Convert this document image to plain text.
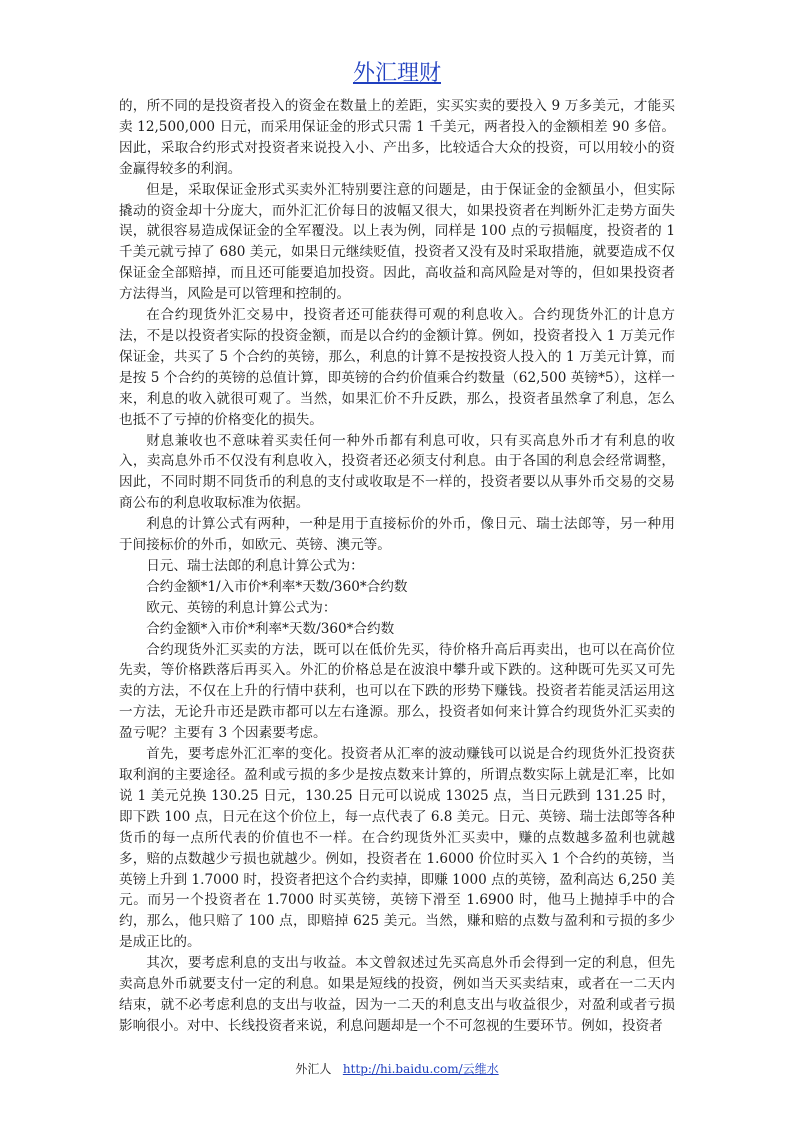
外汇理财

的，所不同的是投资者投入的资金在数量上的差距，实买实卖的要投入 9 万多美元，才能买卖 12,500,000 日元，而采用保证金的形式只需 1 千美元，两者投入的金额相差 90 多倍。因此，采取合约形式对投资者来说投入小、产出多，比较适合大众的投资，可以用较小的资金赢得较多的利润。

但是，采取保证金形式买卖外汇特别要注意的问题是，由于保证金的金额虽小，但实际撬动的资金却十分庞大，而外汇汇价每日的波幅又很大，如果投资者在判断外汇走势方面失误，就很容易造成保证金的全军覆没。以上表为例，同样是 100 点的亏损幅度，投资者的 1 千美元就亏掉了 680 美元，如果日元继续贬值，投资者又没有及时采取措施，就要造成不仅保证金全部赔掉，而且还可能要追加投资。因此，高收益和高风险是对等的，但如果投资者方法得当，风险是可以管理和控制的。

在合约现货外汇交易中，投资者还可能获得可观的利息收入。合约现货外汇的计息方法，不是以投资者实际的投资金额，而是以合约的金额计算。例如，投资者投入 1 万美元作保证金，共买了 5 个合约的英镑，那么，利息的计算不是按投资人投入的 1 万美元计算，而是按 5 个合约的英镑的总值计算，即英镑的合约价值乘合约数量（62,500 英镑*5），这样一来，利息的收入就很可观了。当然，如果汇价不升反跌，那么，投资者虽然拿了利息，怎么也抵不了亏掉的价格变化的损失。

财息兼收也不意味着买卖任何一种外币都有利息可收，只有买高息外币才有利息的收入，卖高息外币不仅没有利息收入，投资者还必须支付利息。由于各国的利息会经常调整，因此，不同时期不同货币的利息的支付或收取是不一样的，投资者要以从事外币交易的交易商公布的利息收取标准为依据。

利息的计算公式有两种，一种是用于直接标价的外币，像日元、瑞士法郎等，另一种用于间接标价的外币，如欧元、英镑、澳元等。

日元、瑞士法郎的利息计算公式为：

合约金额*1/入市价*利率*天数/360*合约数

欧元、英镑的利息计算公式为：

合约金额*入市价*利率*天数/360*合约数

合约现货外汇买卖的方法，既可以在低价先买，待价格升高后再卖出，也可以在高价位先卖，等价格跌落后再买入。外汇的价格总是在波浪中攀升或下跌的。这种既可先买又可先卖的方法，不仅在上升的行情中获利，也可以在下跌的形势下赚钱。投资者若能灵活运用这一方法，无论升市还是跌市都可以左右逢源。那么，投资者如何来计算合约现货外汇买卖的盈亏呢？主要有 3 个因素要考虑。

首先，要考虑外汇汇率的变化。投资者从汇率的波动赚钱可以说是合约现货外汇投资获取利润的主要途径。盈利或亏损的多少是按点数来计算的，所谓点数实际上就是汇率，比如说 1 美元兑换 130.25 日元，130.25 日元可以说成 13025 点，当日元跌到 131.25 时，即下跌 100 点，日元在这个价位上，每一点代表了 6.8 美元。日元、英镑、瑞士法郎等各种货币的每一点所代表的价值也不一样。在合约现货外汇买卖中，赚的点数越多盈利也就越多，赔的点数越少亏损也就越少。例如，投资者在 1.6000 价位时买入 1 个合约的英镑，当英镑上升到 1.7000 时，投资者把这个合约卖掉，即赚 1000 点的英镑，盈利高达 6,250 美元。而另一个投资者在 1.7000 时买英镑，英镑下滑至 1.6900 时，他马上抛掉手中的合约，那么，他只赔了 100 点，即赔掉 625 美元。当然，赚和赔的点数与盈利和亏损的多少是成正比的。

其次，要考虑利息的支出与收益。本文曾叙述过先买高息外币会得到一定的利息，但先卖高息外币就要支付一定的利息。如果是短线的投资，例如当天买卖结束，或者在一二天内结束，就不必考虑利息的支出与收益，因为一二天的利息支出与收益很少，对盈利或者亏损影响很小。对中、长线投资者来说，利息问题却是一个不可忽视的生要环节。例如，投资者

外汇人 http://hi.baidu.com/云维水
